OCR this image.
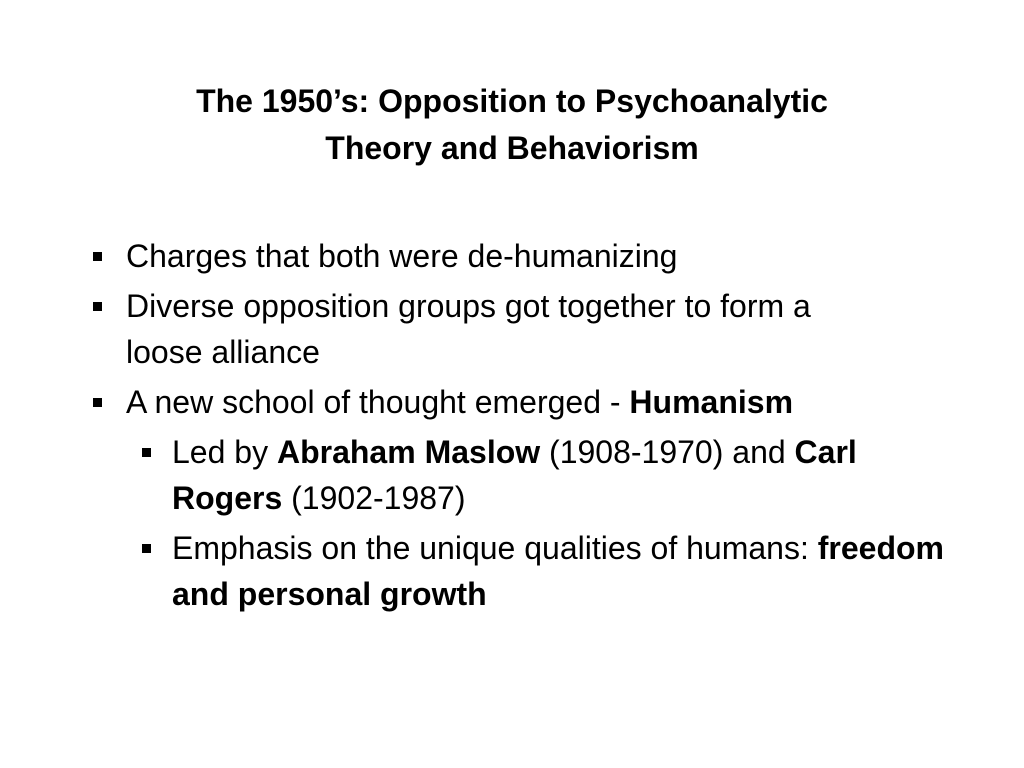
The 1950’s: Opposition to Psychoanalytic
Theory and Behaviorism
Charges that both were de-humanizing
Diverse opposition groups got together to form a loose alliance
A new school of thought emerged - Humanism
Led by Abraham Maslow (1908-1970) and Carl Rogers (1902-1987)
Emphasis on the unique qualities of humans: freedom and personal growth
